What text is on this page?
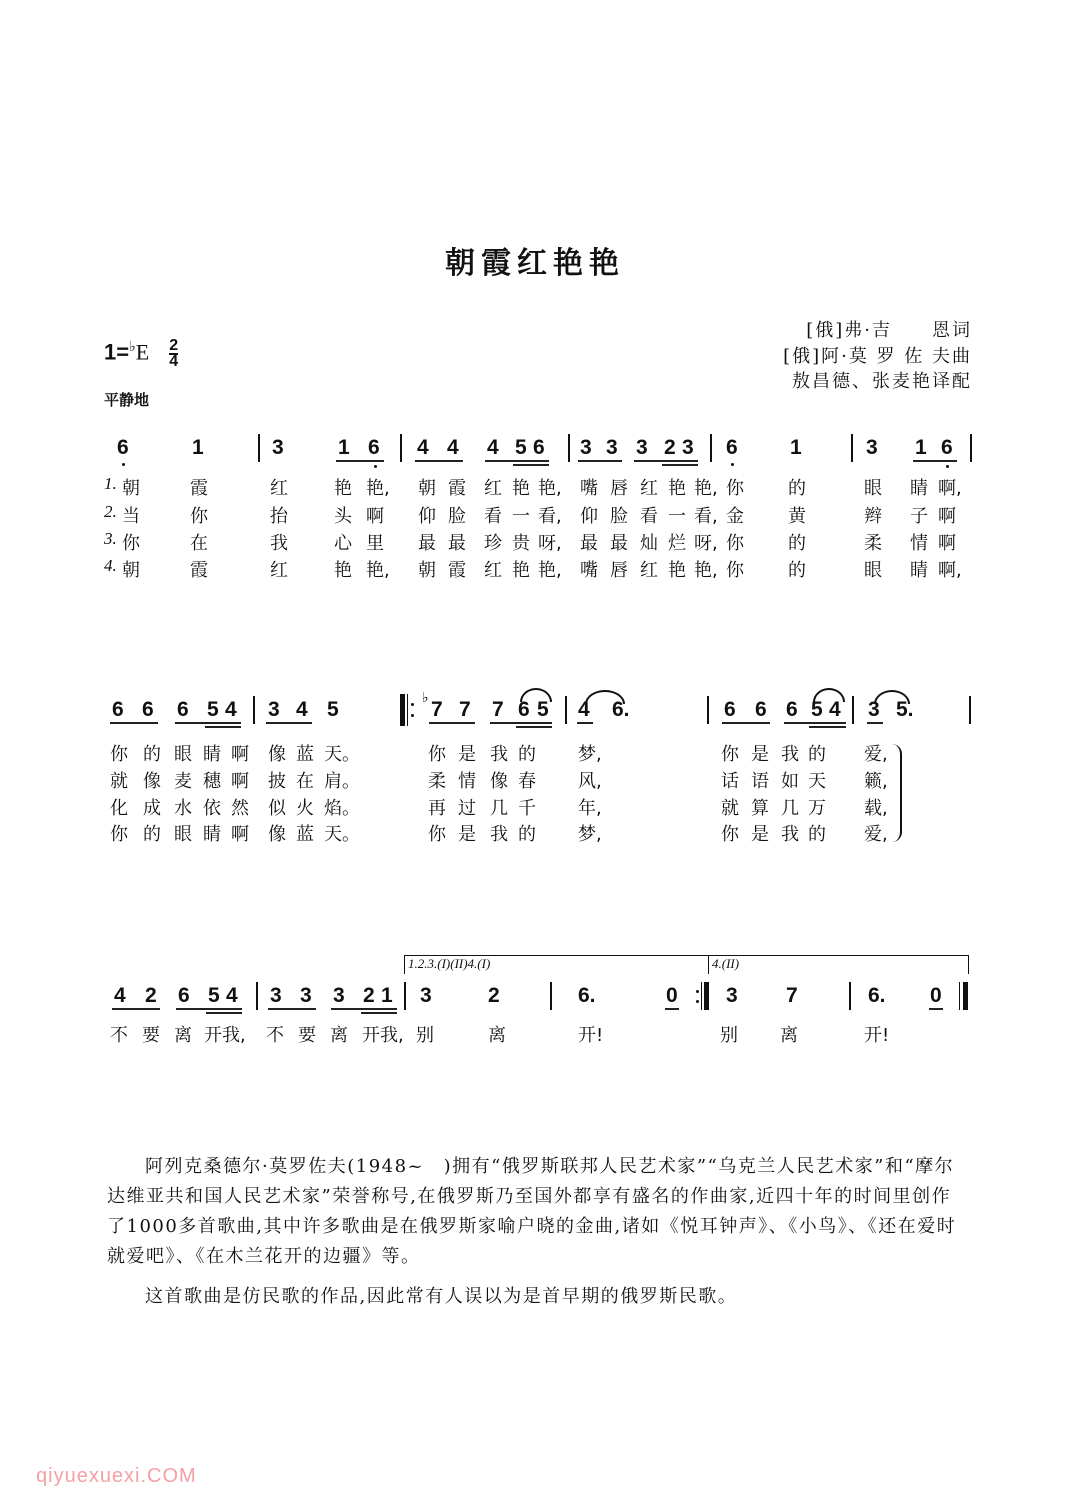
朝霞红艳艳
[俄]弗·吉　　恩词
[俄]阿·莫 罗 佐 夫曲
敖昌德、张麦艳译配
$1=^♭E \frac{2}{4}$
平静地
6	1	3	1 6 4 4 4 5 6 3 3 3 2 3 6 1	3 1 6
1. 朝	霞	红	艳 艳, 朝 霞 红 艳 艳, 嘴 唇 红 艳 艳, 你 的	眼 睛 啊,
2. 当	你	抬	头 啊 仰 脸 看 一 看, 仰 脸 看 一 看, 金 黄	辫 子 啊
3. 你	在	我	心 里 最 最 珍 贵 呀, 最 最 灿 烂 呀, 你 的	柔 情 啊
4. 朝	霞	红	艳 艳, 朝 霞 红 艳 艳, 嘴 唇 红 艳 艳, 你 的	眼 睛 啊,
6 6 6 5 4 3 4 5	♭ 7 7 7 6 5 4 6.	6 6 6 5 4 3 5.
你 的 眼 睛 啊 像 蓝 天。	你 是 我 的 梦,	你 是 我 的 爱,
就 像 麦 穗 啊 披 在 肩。	柔 情 像 春 风,	话 语 如 天 籁,
化 成 水 依 然 似 火 焰。	再 过 几 千 年,	就 算 几 万 载,
你 的 眼 睛 啊 像 蓝 天。	你 是 我 的 梦,	你 是 我 的 爱,
4 2 6 5 4 3 3 3 2 1
1.2.3.(I)(II)4.(I)
3	2	6.	0
4.(II)
3 7	6. 0
不 要 离 开我, 不 要 离 开我, 别	离	开!	别 离	开!
阿列克桑德尔·莫罗佐夫(1948~　)拥有“俄罗斯联邦人民艺术家”“乌克兰人民艺术家”和“摩尔达维亚共和国人民艺术家”荣誉称号,在俄罗斯乃至国外都享有盛名的作曲家,近四十年的时间里创作了1000多首歌曲,其中许多歌曲是在俄罗斯家喻户晓的金曲,诸如《悦耳钟声》、《小鸟》、《还在爱时就爱吧》、《在木兰花开的边疆》等。
这首歌曲是仿民歌的作品,因此常有人误以为是首早期的俄罗斯民歌。
qiyuexuexi.COM
